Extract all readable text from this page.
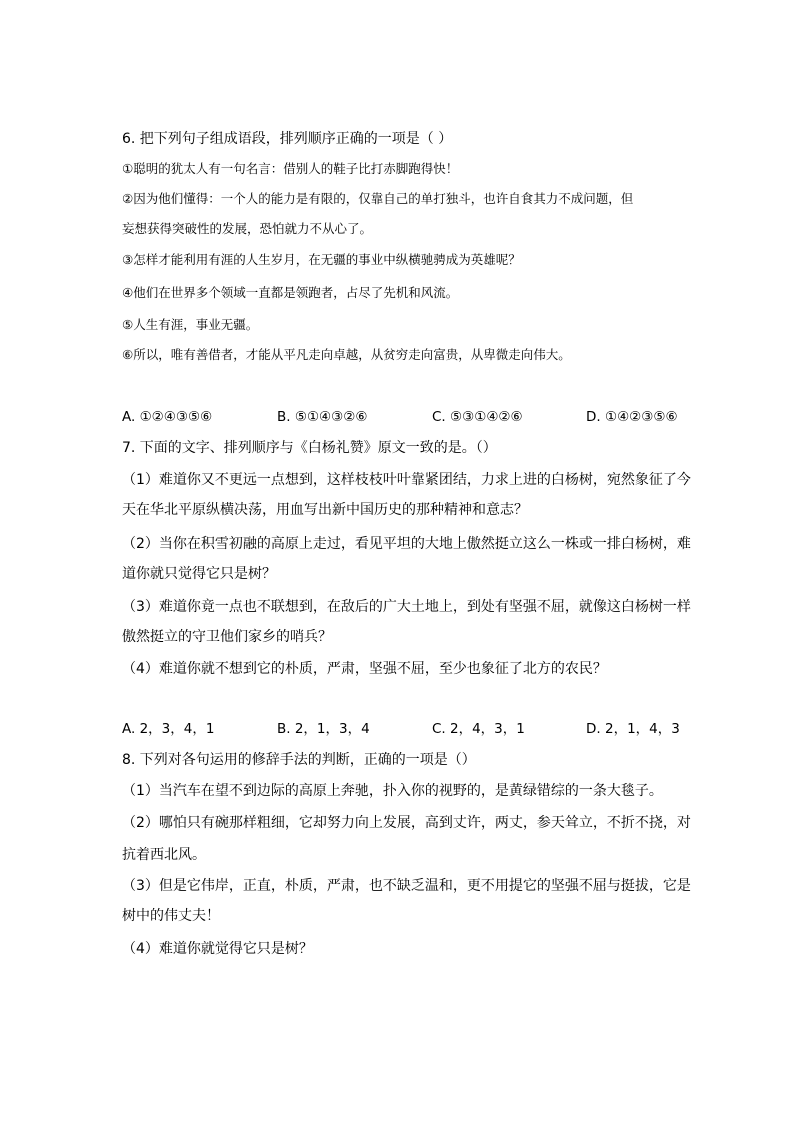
6. 把下列句子组成语段，排列顺序正确的一项是（ ）
①聪明的犹太人有一句名言：借别人的鞋子比打赤脚跑得快！
②因为他们懂得：一个人的能力是有限的，仅靠自己的单打独斗，也许自食其力不成问题，但
妄想获得突破性的发展，恐怕就力不从心了。
③怎样才能利用有涯的人生岁月，在无疆的事业中纵横驰骋成为英雄呢？
④他们在世界多个领域一直都是领跑者，占尽了先机和风流。
⑤人生有涯，事业无疆。
⑥所以，唯有善借者，才能从平凡走向卓越，从贫穷走向富贵，从卑微走向伟大。
A. ①②④③⑤⑥	B. ⑤①④③②⑥	C. ⑤③①④②⑥	D. ①④②③⑤⑥
7. 下面的文字、排列顺序与《白杨礼赞》原文一致的是。（）
（1）难道你又不更远一点想到，这样枝枝叶叶靠紧团结，力求上进的白杨树，宛然象征了今
天在华北平原纵横决荡，用血写出新中国历史的那种精神和意志？
（2）当你在积雪初融的高原上走过，看见平坦的大地上傲然挺立这么一株或一排白杨树，难
道你就只觉得它只是树？
（3）难道你竟一点也不联想到，在敌后的广大土地上，到处有坚强不屈，就像这白杨树一样
傲然挺立的守卫他们家乡的哨兵？
（4）难道你就不想到它的朴质，严肃，坚强不屈，至少也象征了北方的农民？
A. 2，3，4，1	B. 2，1，3，4	C. 2，4，3，1	D. 2，1，4，3
8. 下列对各句运用的修辞手法的判断，正确的一项是（）
（1）当汽车在望不到边际的高原上奔驰，扑入你的视野的，是黄绿错综的一条大毯子。
（2）哪怕只有碗那样粗细，它却努力向上发展，高到丈许，两丈，参天耸立，不折不挠，对
抗着西北风。
（3）但是它伟岸，正直，朴质，严肃，也不缺乏温和，更不用提它的坚强不屈与挺拔，它是
树中的伟丈夫！
（4）难道你就觉得它只是树？
